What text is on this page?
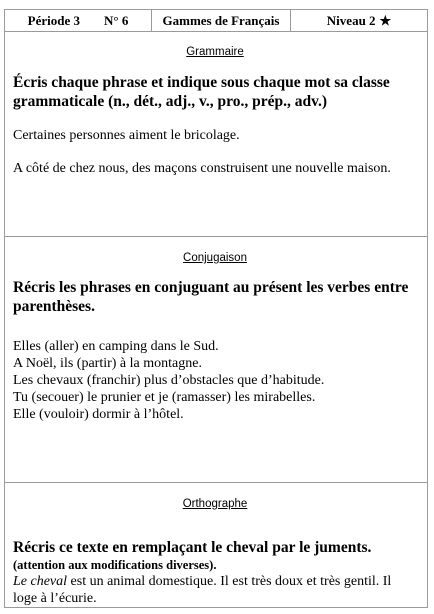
Période 3 N° 6	Gammes de Français	Niveau 2 ★
Grammaire
Écris chaque phrase et indique sous chaque mot sa classe grammaticale (n., dét., adj., v., pro., prép., adv.)

Certaines personnes aiment le bricolage.

A côté de chez nous, des maçons construisent une nouvelle maison.

Conjugaison
Récris les phrases en conjuguant au présent les verbes entre
parenthèses.

Elles (aller) en camping dans le Sud.

A Noël, ils (partir) à la montagne.

Les chevaux (franchir) plus d’obstacles que d’habitude.

Tu (secouer) le prunier et je (ramasser) les mirabelles.

Elle (vouloir) dormir à l’hôtel.

Orthographe
Récris ce texte en remplaçant le cheval par le juments.
(attention aux modifications diverses).

Le cheval est un animal domestique. Il est très doux et très gentil. Il loge à l’écurie.
